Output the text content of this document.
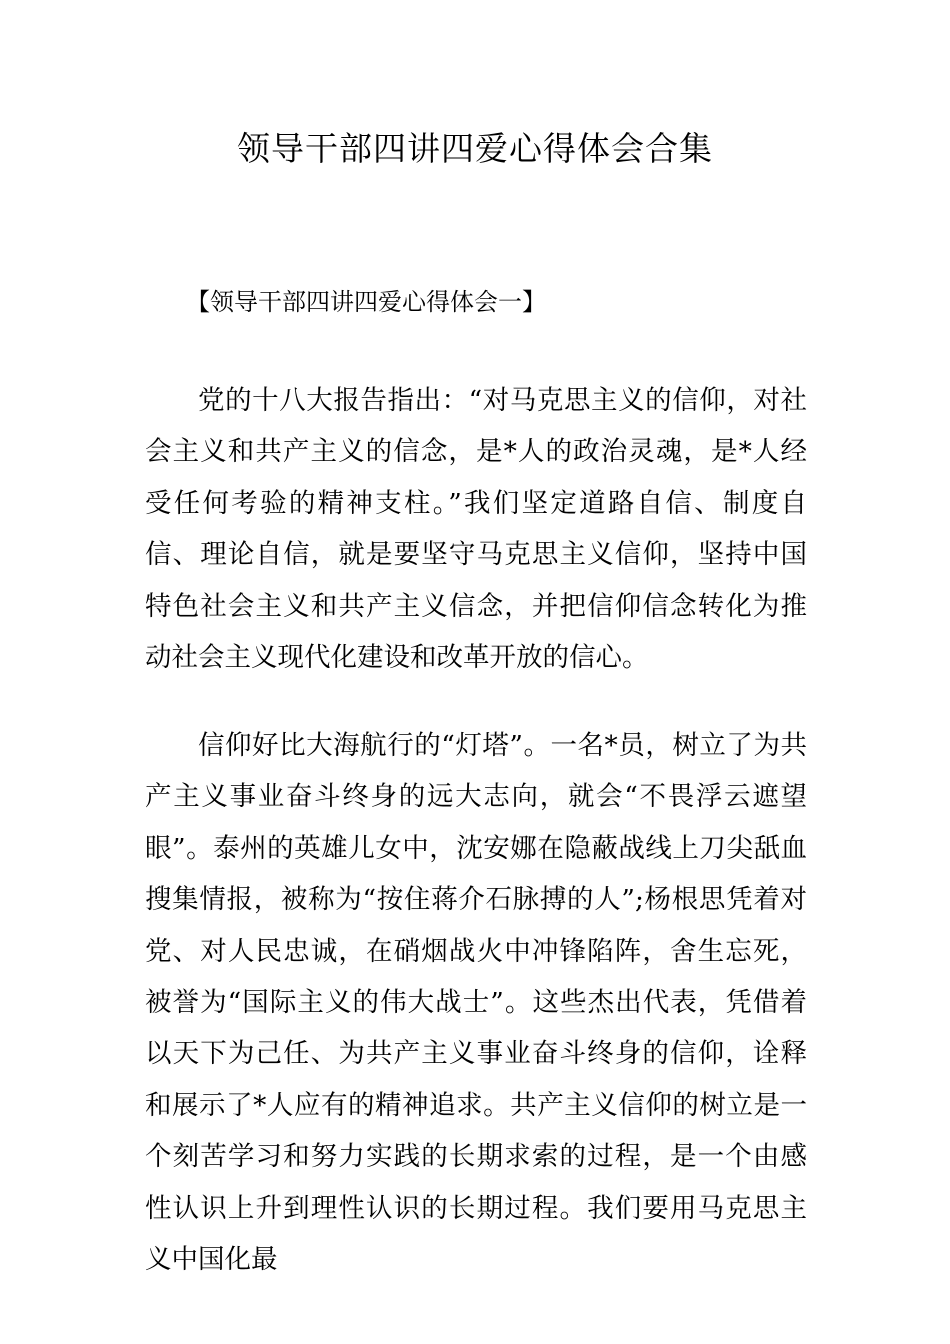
领导干部四讲四爱心得体会合集
【领导干部四讲四爱心得体会一】

党的十八大报告指出：“对马克思主义的信仰，对社会主义和共产主义的信念，是*人的政治灵魂，是*人经受任何考验的精神支柱。”我们坚定道路自信、制度自信、理论自信，就是要坚守马克思主义信仰，坚持中国特色社会主义和共产主义信念，并把信仰信念转化为推动社会主义现代化建设和改革开放的信心。

信仰好比大海航行的“灯塔”。一名*员，树立了为共产主义事业奋斗终身的远大志向，就会“不畏浮云遮望眼”。泰州的英雄儿女中，沈安娜在隐蔽战线上刀尖舐血搜集情报，被称为“按住蒋介石脉搏的人”;杨根思凭着对党、对人民忠诚，在硝烟战火中冲锋陷阵，舍生忘死，被誉为“国际主义的伟大战士”。这些杰出代表，凭借着以天下为己任、为共产主义事业奋斗终身的信仰，诠释和展示了*人应有的精神追求。共产主义信仰的树立是一个刻苦学习和努力实践的长期求索的过程，是一个由感性认识上升到理性认识的长期过程。我们要用马克思主义中国化最
